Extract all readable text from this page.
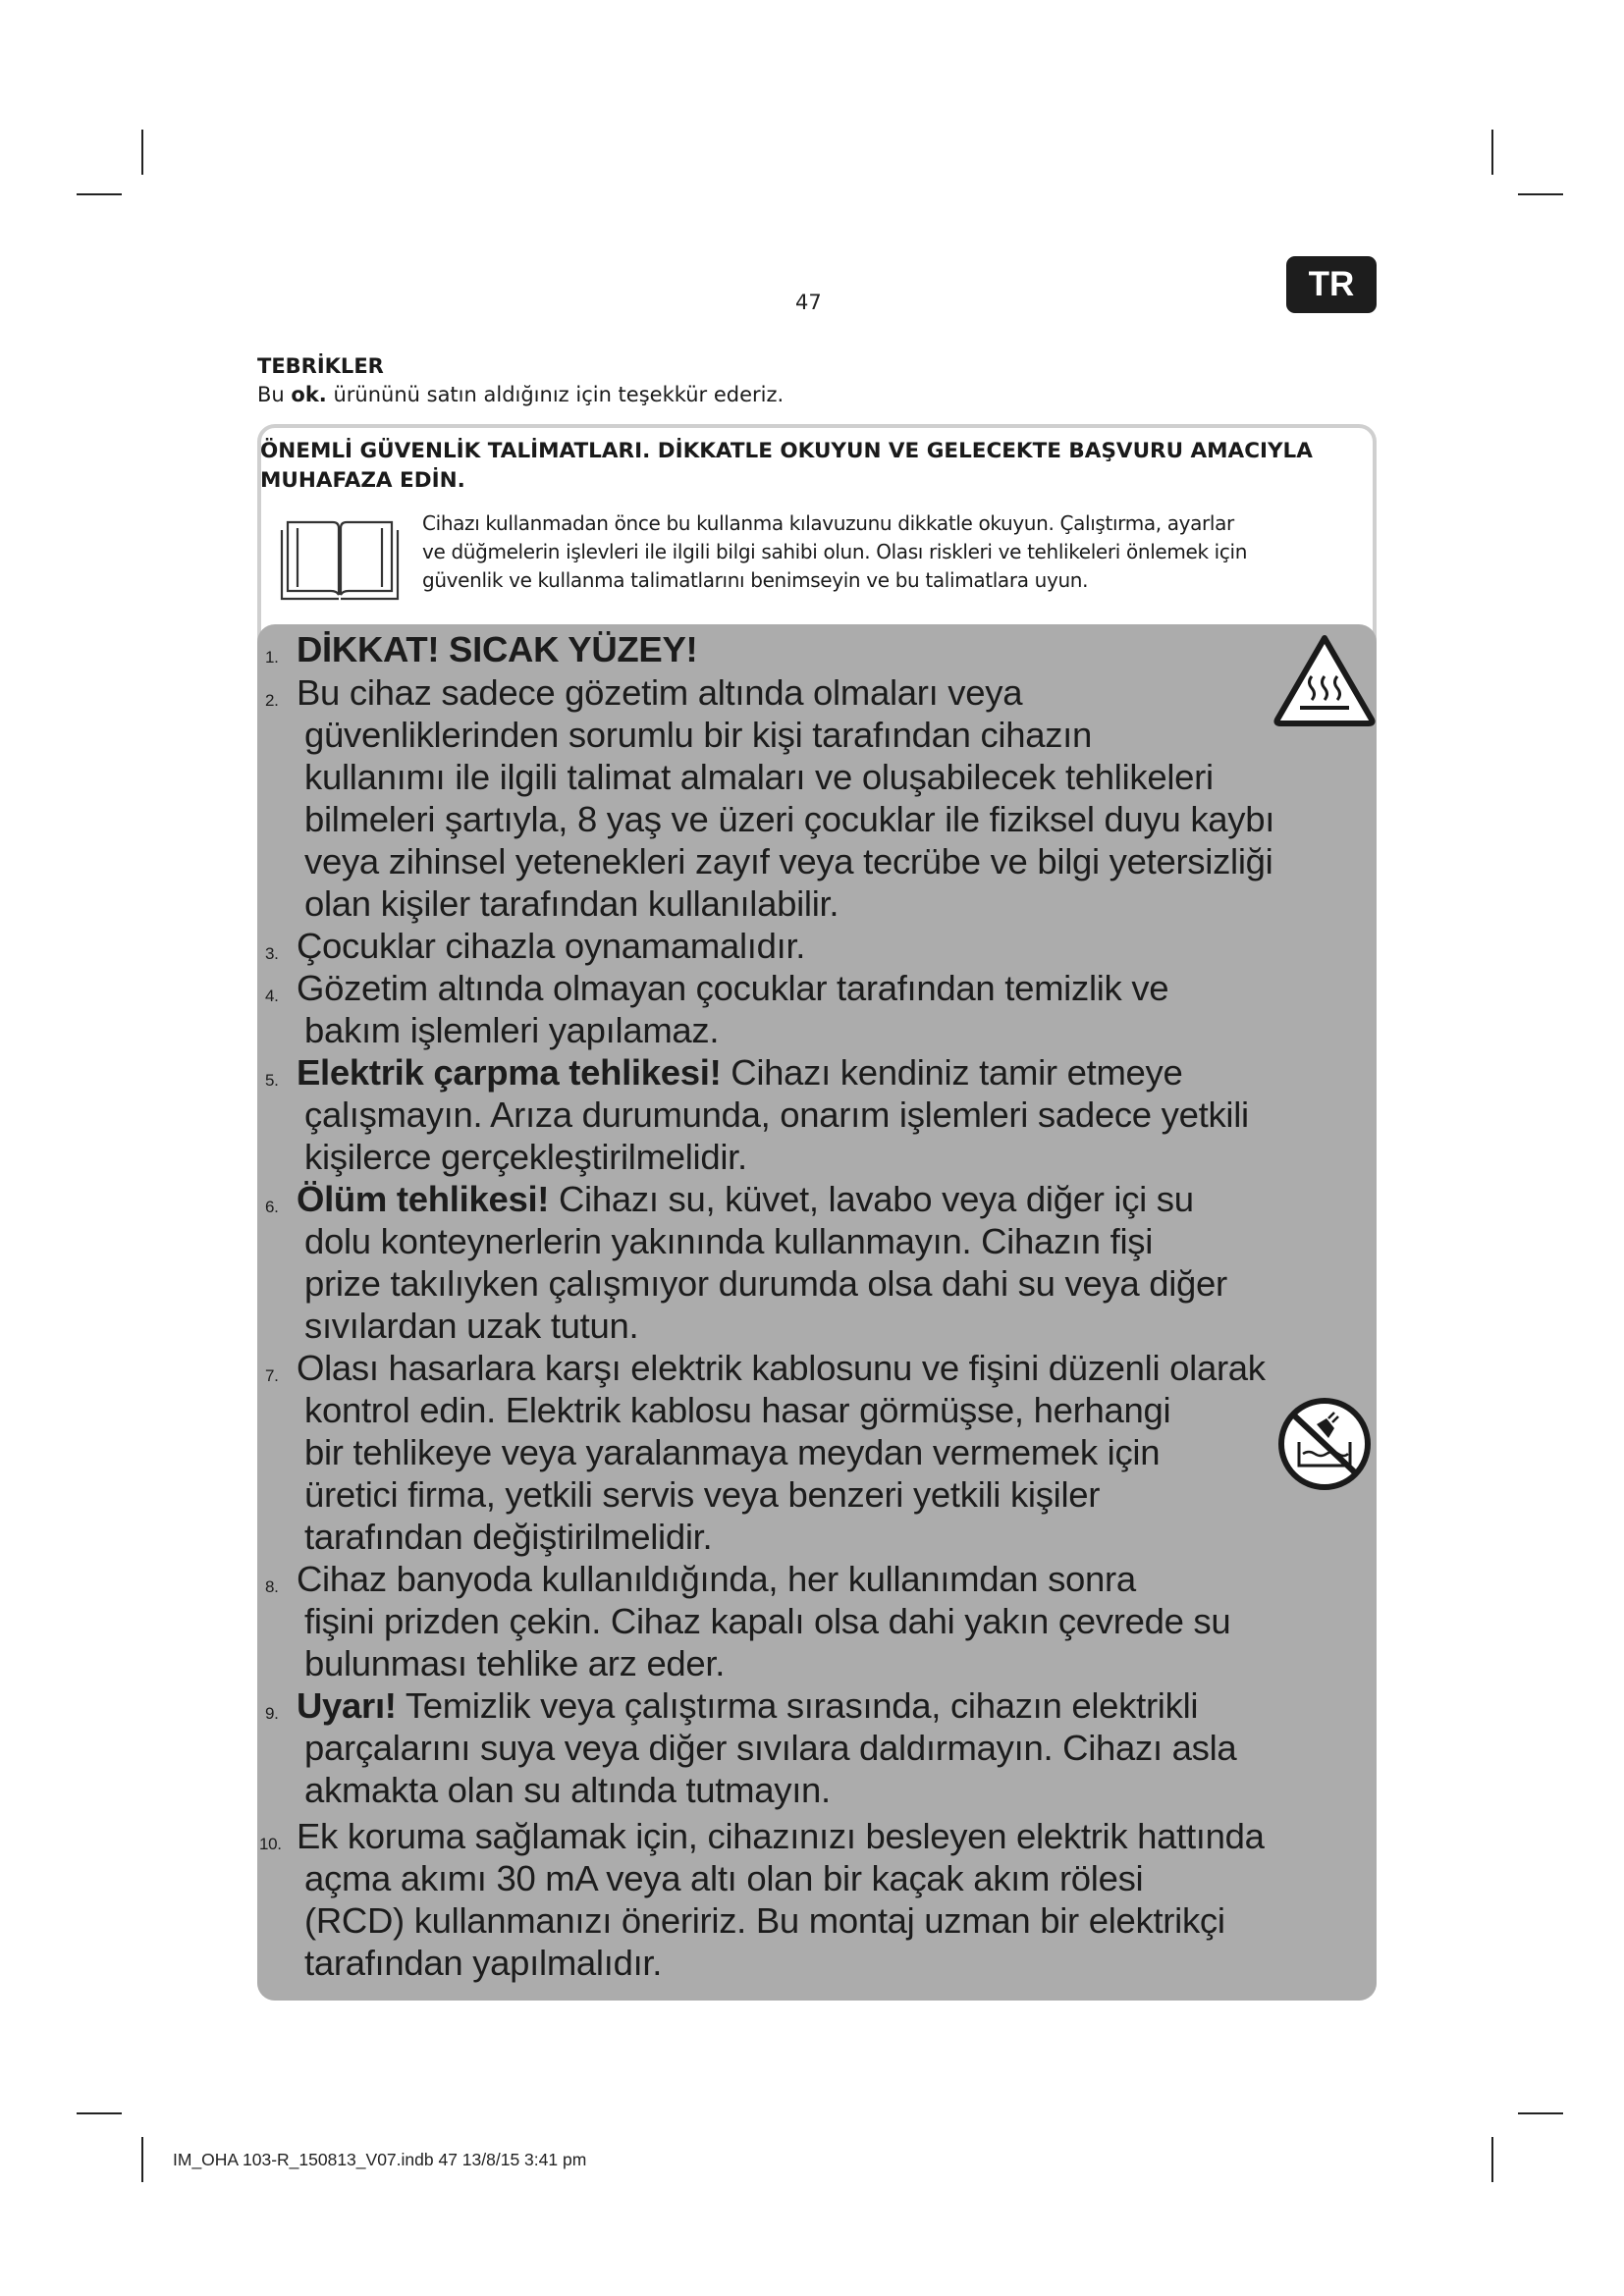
47	TR
TEBRİKLER
Bu ok. ürününü satın aldığınız için teşekkür ederiz.
ÖNEMLİ GÜVENLİK TALİMATLARI. DİKKATLE OKUYUN VE GELECEKTE BAŞVURU AMACIYLA
MUHAFAZA EDİN.
Cihazı kullanmadan önce bu kullanma kılavuzunu dikkatle okuyun. Çalıştırma, ayarlar
ve düğmelerin işlevleri ile ilgili bilgi sahibi olun. Olası riskleri ve tehlikeleri önlemek için
güvenlik ve kullanma talimatlarını benimseyin ve bu talimatlara uyun.
1. DİKKAT! SICAK YÜZEY!
2. Bu cihaz sadece gözetim altında olmaları veya
güvenliklerinden sorumlu bir kişi tarafından cihazın
kullanımı ile ilgili talimat almaları ve oluşabilecek tehlikeleri
bilmeleri şartıyla, 8 yaş ve üzeri çocuklar ile fiziksel duyu kaybı
veya zihinsel yetenekleri zayıf veya tecrübe ve bilgi yetersizliği
olan kişiler tarafından kullanılabilir.
3. Çocuklar cihazla oynamamalıdır.
4. Gözetim altında olmayan çocuklar tarafından temizlik ve
bakım işlemleri yapılamaz.
5. Elektrik çarpma tehlikesi! Cihazı kendiniz tamir etmeye
çalışmayın. Arıza durumunda, onarım işlemleri sadece yetkili
kişilerce gerçekleştirilmelidir.
6. Ölüm tehlikesi! Cihazı su, küvet, lavabo veya diğer içi su
dolu konteynerlerin yakınında kullanmayın. Cihazın fişi
prize takılıyken çalışmıyor durumda olsa dahi su veya diğer
sıvılardan uzak tutun.
7. Olası hasarlara karşı elektrik kablosunu ve fişini düzenli olarak
kontrol edin. Elektrik kablosu hasar görmüşse, herhangi
bir tehlikeye veya yaralanmaya meydan vermemek için
üretici firma, yetkili servis veya benzeri yetkili kişiler
tarafından değiştirilmelidir.
8. Cihaz banyoda kullanıldığında, her kullanımdan sonra
fişini prizden çekin. Cihaz kapalı olsa dahi yakın çevrede su
bulunması tehlike arz eder.
9. Uyarı! Temizlik veya çalıştırma sırasında, cihazın elektrikli
parçalarını suya veya diğer sıvılara daldırmayın. Cihazı asla
akmakta olan su altında tutmayın.
10. Ek koruma sağlamak için, cihazınızı besleyen elektrik hattında
açma akımı 30 mA veya altı olan bir kaçak akım rölesi
(RCD) kullanmanızı öneririz. Bu montaj uzman bir elektrikçi
tarafından yapılmalıdır.
IM_OHA 103-R_150813_V07.indb 47 13/8/15 3:41 pm
